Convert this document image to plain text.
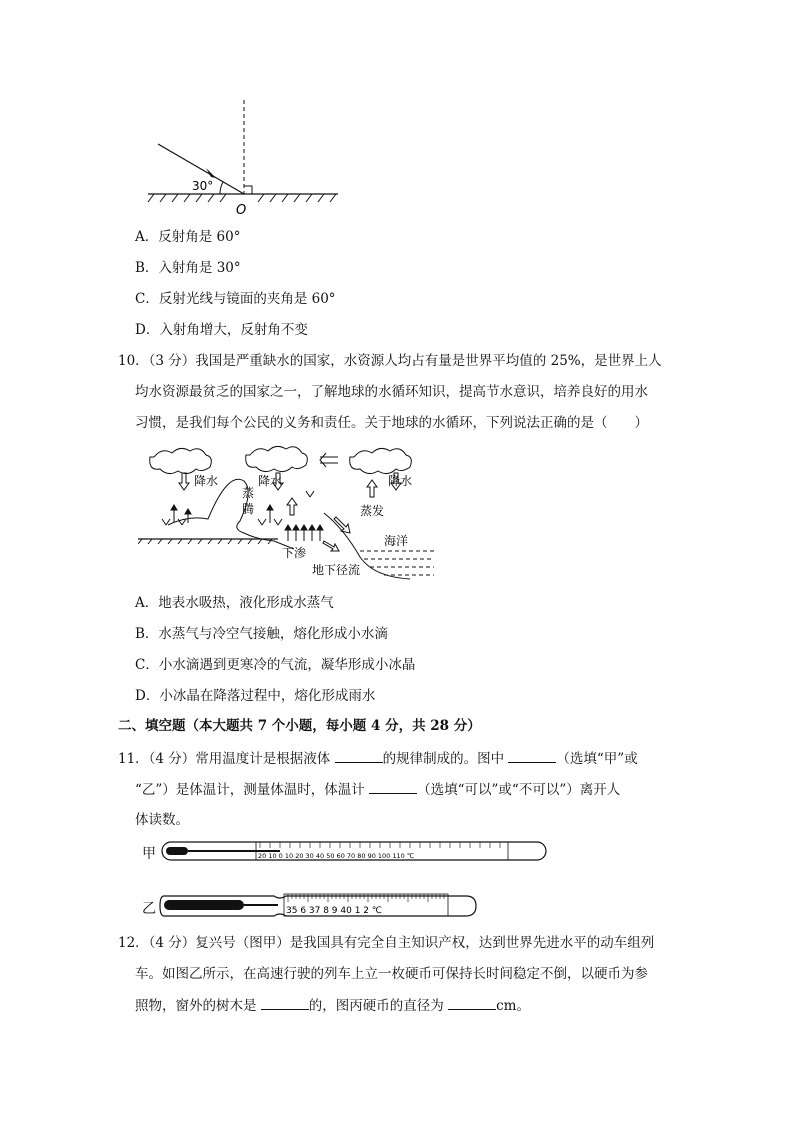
30°
O
A．反射角是 60°
B．入射角是 30°
C．反射光线与镜面的夹角是 60°
D．入射角增大，反射角不变
10．（3 分）我国是严重缺水的国家，水资源人均占有量是世界平均值的 25%，是世界上人
均水资源最贫乏的国家之一，了解地球的水循环知识，提高节水意识，培养良好的用水
习惯，是我们每个公民的义务和责任。关于地球的水循环，下列说法正确的是（　　）
降水	降水	降水
蒸
腾	蒸发
海洋
下渗
地下径流
A．地表水吸热，液化形成水蒸气
B．水蒸气与冷空气接触，熔化形成小水滴
C．小水滴遇到更寒冷的气流，凝华形成小冰晶
D．小冰晶在降落过程中，熔化形成雨水
二、填空题（本大题共 7 个小题，每小题 4 分，共 28 分）
11．（4 分）常用温度计是根据液体	的规律制成的。图中	（选填“甲”或
“乙”）是体温计，测量体温时，体温计	（选填“可以”或“不可以”）离开人
体读数。
甲	20 10 0 10 20 30 40 50 60 70 80 90 100 110 ℃
乙	35 6 37 8 9 40 1 2 ℃
12．（4 分）复兴号（图甲）是我国具有完全自主知识产权，达到世界先进水平的动车组列
车。如图乙所示，在高速行驶的列车上立一枚硬币可保持长时间稳定不倒，以硬币为参
照物，窗外的树木是	的，图丙硬币的直径为	cm。
